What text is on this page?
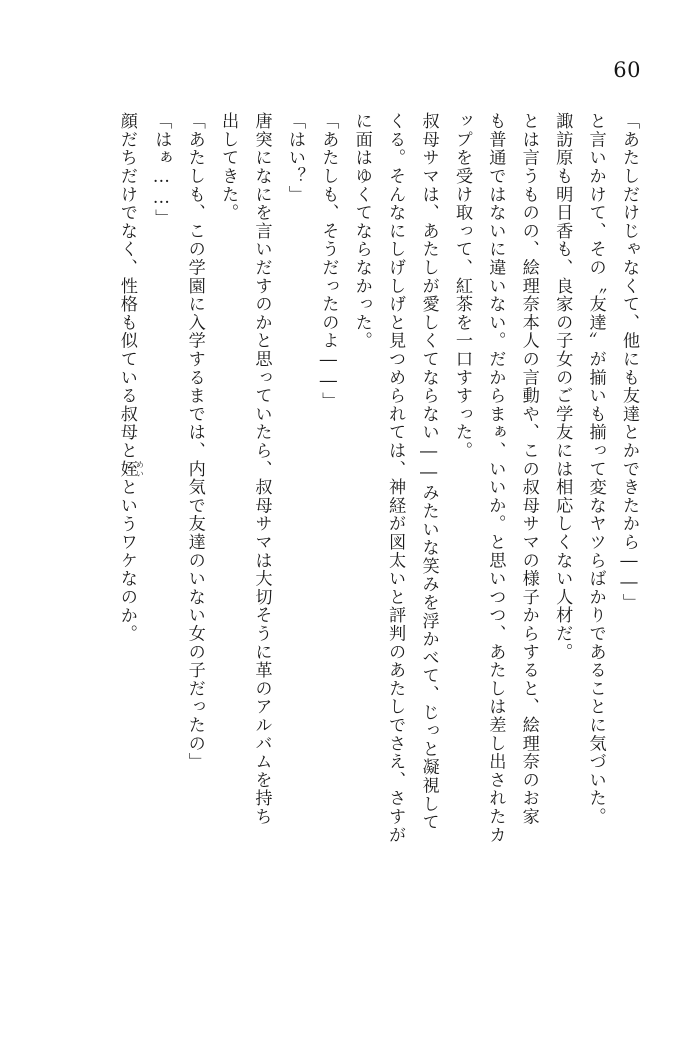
60

「あたしだけじゃなくて、他にも友達とかできたから――」

と言いかけて、その〝友達〞が揃いも揃って変なヤツらばかりであることに気づいた。

諏訪原も明日香も、良家の子女のご学友には相応しくない人材だ。

とは言うものの、絵理奈本人の言動や、この叔母サマの様子からすると、絵理奈のお家

も普通ではないに違いない。だからまぁ、いいか。と思いつつ、あたしは差し出されたカ

ップを受け取って、紅茶を一口すすった。

叔母サマは、あたしが愛しくてならない――みたいな笑みを浮かべて、じっと凝視して

くる。そんなにしげしげと見つめられては、神経が図太いと評判のあたしでさえ、さすが

に面はゆくてならなかった。

「あたしも、そうだったのよ――」

「はい？」

唐突になにを言いだすのかと思っていたら、叔母サマは大切そうに革のアルバムを持ち

出してきた。

「あたしも、この学園に入学するまでは、内気で友達のいない女の子だったの」

「はぁ……」

顔だちだけでなく、性格も似ている叔母と姪めいというワケなのか。
